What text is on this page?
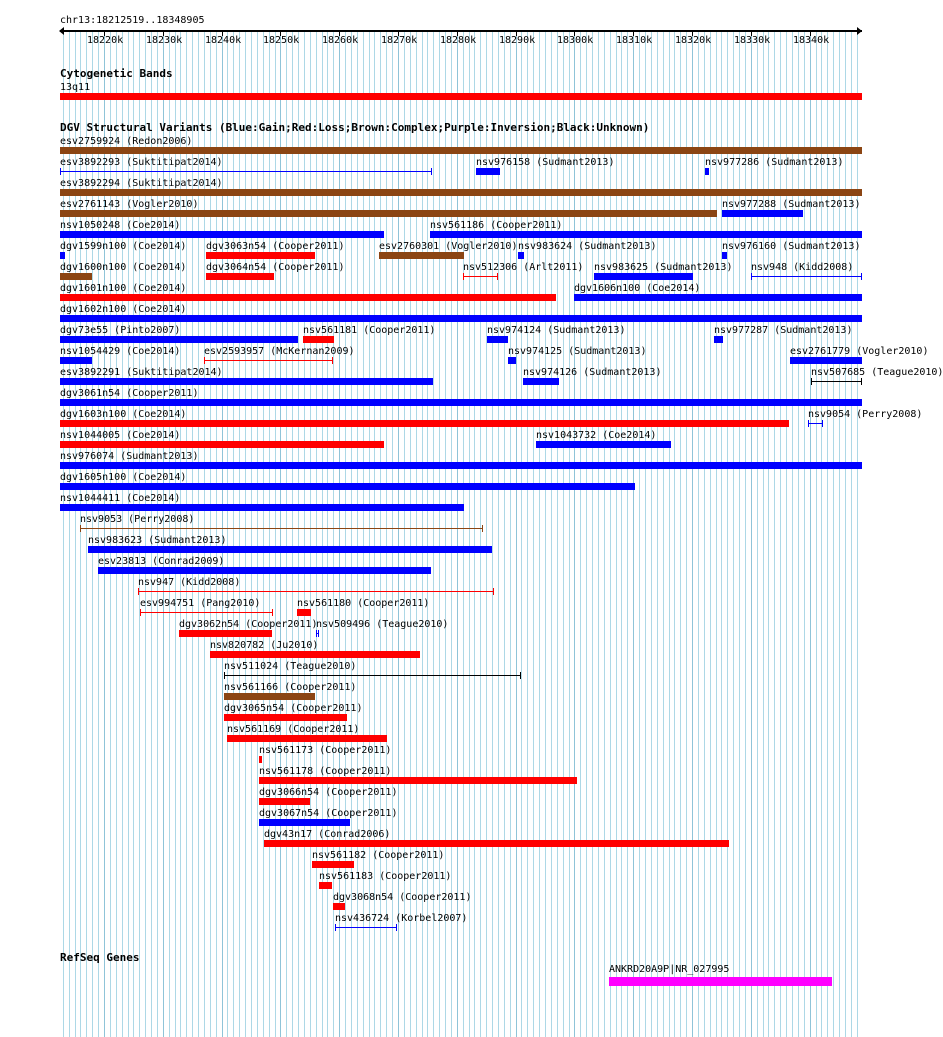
chr13:18212519..18348905
18220k 18230k 18240k 18250k 18260k 18270k 18280k 18290k 18300k 18310k 18320k 18330k 18340k
Cytogenetic Bands
13q11
DGV Structural Variants (Blue:Gain;Red:Loss;Brown:Complex;Purple:Inversion;Black:Unknown)
esv2759924 (Redon2006)
esv3892293 (Suktitipat2014)	nsv976158 (Sudmant2013)	nsv977286 (Sudmant2013)
esv3892294 (Suktitipat2014)
esv2761143 (Vogler2010)	nsv977288 (Sudmant2013)
nsv1050248 (Coe2014)	nsv561186 (Cooper2011)
dgv1599n100 (Coe2014) dgv3063n54 (Cooper2011)	esv2760301 (Vogler2010) nsv983624 (Sudmant2013)	nsv976160 (Sudmant2013)
dgv1600n100 (Coe2014) dgv3064n54 (Cooper2011)	nsv512306 (Arlt2011) nsv983625 (Sudmant2013) nsv948 (Kidd2008)
dgv1601n100 (Coe2014)	dgv1606n100 (Coe2014)
dgv1602n100 (Coe2014)
dgv73e55 (Pinto2007)	nsv561181 (Cooper2011)	nsv974124 (Sudmant2013)	nsv977287 (Sudmant2013)
nsv1054429 (Coe2014) esv2593957 (McKernan2009)	nsv974125 (Sudmant2013)	esv2761779 (Vogler2010)
esv3892291 (Suktitipat2014)	nsv974126 (Sudmant2013)	nsv507685 (Teague2010)
dgv3061n54 (Cooper2011)
dgv1603n100 (Coe2014)	nsv9054 (Perry2008)
nsv1044005 (Coe2014)	nsv1043732 (Coe2014)
nsv976074 (Sudmant2013)
dgv1605n100 (Coe2014)
nsv1044411 (Coe2014)
nsv9053 (Perry2008)
nsv983623 (Sudmant2013)
esv23813 (Conrad2009)
nsv947 (Kidd2008)
esv994751 (Pang2010)	nsv561180 (Cooper2011)
dgv3062n54 (Cooper2011)
nsv509496 (Teague2010)
nsv820782 (Ju2010)
nsv511024 (Teague2010)
nsv561166 (Cooper2011)
dgv3065n54 (Cooper2011)
nsv561169 (Cooper2011)
nsv561173 (Cooper2011)
nsv561178 (Cooper2011)
dgv3066n54 (Cooper2011)
dgv3067n54 (Cooper2011)
dgv43n17 (Conrad2006)
nsv561182 (Cooper2011)
nsv561183 (Cooper2011)
dgv3068n54 (Cooper2011)
nsv436724 (Korbel2007)
RefSeq Genes
ANKRD20A9P|NR_027995
